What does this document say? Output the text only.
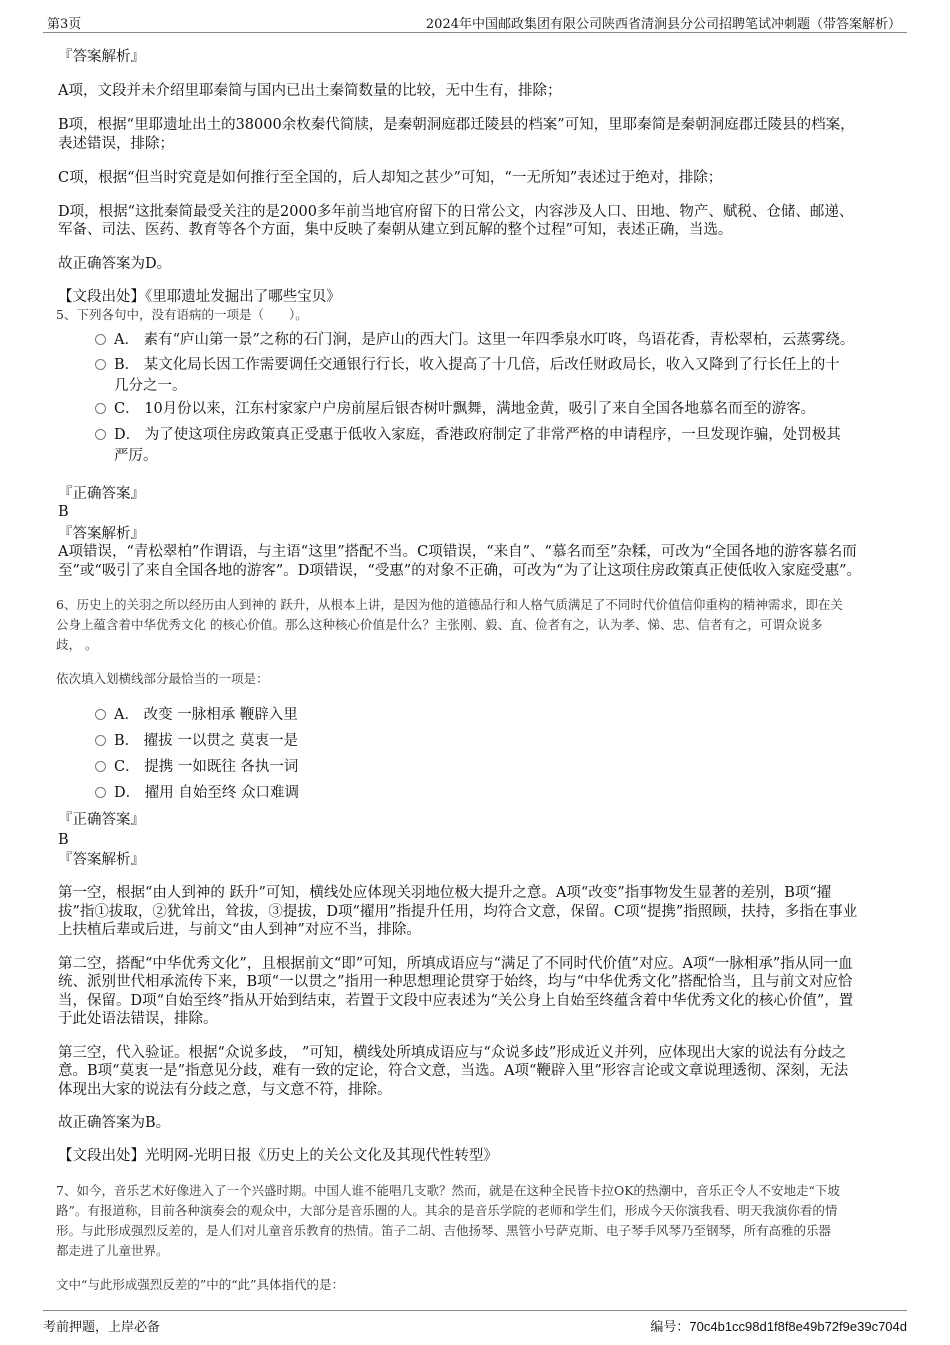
第3页	2024年中国邮政集团有限公司陕西省清涧县分公司招聘笔试冲刺题（带答案解析）
『答案解析』
A项，文段并未介绍里耶秦简与国内已出土秦简数量的比较，无中生有，排除；
B项，根据“里耶遗址出土的38000余枚秦代简牍，是秦朝洞庭郡迁陵县的档案”可知，里耶秦简是秦朝洞庭郡迁陵县的档案，
表述错误，排除；
C项，根据“但当时究竟是如何推行至全国的，后人却知之甚少”可知，“一无所知”表述过于绝对，排除；
D项，根据“这批秦简最受关注的是2000多年前当地官府留下的日常公文，内容涉及人口、田地、物产、赋税、仓储、邮递、
军备、司法、医药、教育等各个方面，集中反映了秦朝从建立到瓦解的整个过程”可知，表述正确，当选。
故正确答案为D。
【文段出处】《里耶遗址发掘出了哪些宝贝》
5、下列各句中，没有语病的一项是（　　）。
A． 素有“庐山第一景”之称的石门涧，是庐山的西大门。这里一年四季泉水叮咚，鸟语花香，青松翠柏，云蒸雾绕。
B． 某文化局长因工作需要调任交通银行行长，收入提高了十几倍，后改任财政局长，收入又降到了行长任上的十
几分之一。
C． 10月份以来，江东村家家户户房前屋后银杏树叶飘舞，满地金黄，吸引了来自全国各地慕名而至的游客。
D． 为了使这项住房政策真正受惠于低收入家庭，香港政府制定了非常严格的申请程序，一旦发现诈骗，处罚极其
严厉。
『正确答案』
B
『答案解析』
A项错误，“青松翠柏”作谓语，与主语“这里”搭配不当。C项错误，“来自”、“慕名而至”杂糅，可改为“全国各地的游客慕名而
至”或“吸引了来自全国各地的游客”。D项错误，“受惠”的对象不正确，可改为“为了让这项住房政策真正使低收入家庭受惠”。
6、历史上的关羽之所以经历由人到神的 跃升，从根本上讲，是因为他的道德品行和人格气质满足了不同时代价值信仰重构的精神需求，即在关
公身上蕴含着中华优秀文化 的核心价值。那么这种核心价值是什么？主张刚、毅、直、俭者有之，认为孝、悌、忠、信者有之，可谓众说多
歧， 。
依次填入划横线部分最恰当的一项是：
A． 改变 一脉相承 鞭辟入里
B． 擢拔 一以贯之 莫衷一是
C． 提携 一如既往 各执一词
D． 擢用 自始至终 众口难调
『正确答案』
B
『答案解析』
第一空，根据“由人到神的 跃升”可知，横线处应体现关羽地位极大提升之意。A项“改变”指事物发生显著的差别，B项“擢
拔”指①拔取，②犹耸出，耸拔，③提拔，D项“擢用”指提升任用，均符合文意，保留。C项“提携”指照顾，扶持，多指在事业
上扶植后辈或后进，与前文“由人到神”对应不当，排除。
第二空，搭配“中华优秀文化”，且根据前文“即”可知，所填成语应与“满足了不同时代价值”对应。A项“一脉相承”指从同一血
统、派别世代相承流传下来，B项“一以贯之”指用一种思想理论贯穿于始终，均与“中华优秀文化”搭配恰当，且与前文对应恰
当，保留。D项“自始至终”指从开始到结束，若置于文段中应表述为“关公身上自始至终蕴含着中华优秀文化的核心价值”，置
于此处语法错误，排除。
第三空，代入验证。根据“众说多歧， ”可知，横线处所填成语应与“众说多歧”形成近义并列，应体现出大家的说法有分歧之
意。B项“莫衷一是”指意见分歧，难有一致的定论，符合文意，当选。A项“鞭辟入里”形容言论或文章说理透彻、深刻，无法
体现出大家的说法有分歧之意，与文意不符，排除。
故正确答案为B。
【文段出处】光明网-光明日报《历史上的关公文化及其现代性转型》
7、如今，音乐艺术好像进入了一个兴盛时期。中国人谁不能唱几支歌？然而，就是在这种全民皆卡拉OK的热潮中，音乐正令人不安地走“下坡
路”。有报道称，目前各种演奏会的观众中，大部分是音乐圈的人。其余的是音乐学院的老师和学生们，形成今天你演我看、明天我演你看的情
形。与此形成强烈反差的，是人们对儿童音乐教育的热情。笛子二胡、吉他扬琴、黑管小号萨克斯、电子琴手风琴乃至钢琴，所有高雅的乐器
都走进了儿童世界。
文中“与此形成强烈反差的”中的“此”具体指代的是：
考前押题，上岸必备	编号：70c4b1cc98d1f8f8e49b72f9e39c704d
